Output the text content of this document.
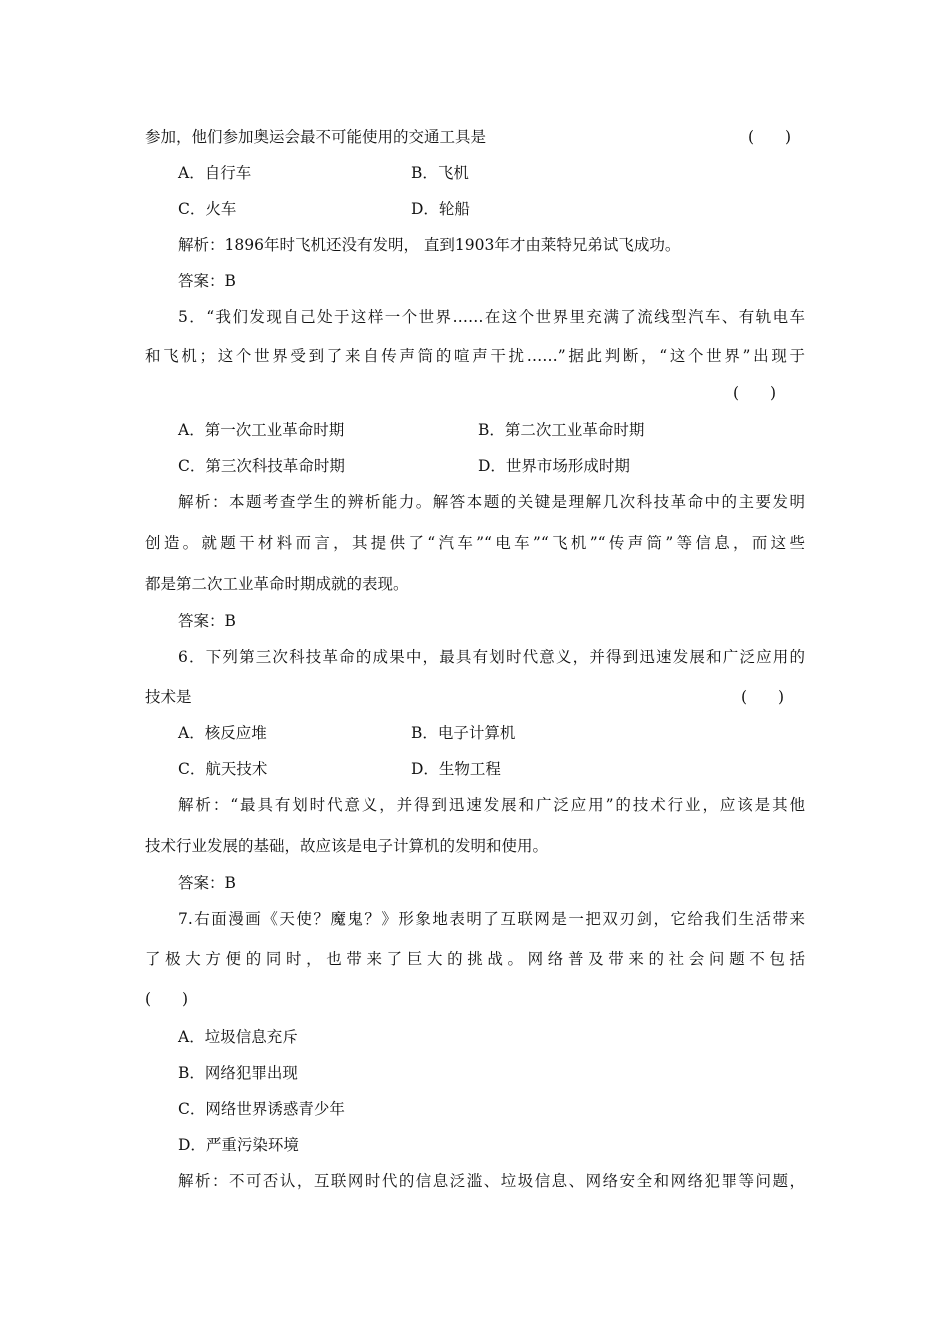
参加，他们参加奥运会最不可能使用的交通工具是	(　　)
A．自行车	B．飞机
C．火车	D．轮船
解析：1896年时飞机还没有发明， 直到1903年才由莱特兄弟试飞成功。
答案：B
5．“我们发现自己处于这样一个世界……在这个世界里充满了流线型汽车、有轨电车
和飞机；这个世界受到了来自传声筒的喧声干扰……”据此判断，“这个世界”出现于
(　　)
A．第一次工业革命时期	B．第二次工业革命时期
C．第三次科技革命时期	D．世界市场形成时期
解析：本题考查学生的辨析能力。解答本题的关键是理解几次科技革命中的主要发明
创造。就题干材料而言，其提供了“汽车”“电车”“飞机”“传声筒”等信息，而这些
都是第二次工业革命时期成就的表现。
答案：B
6．下列第三次科技革命的成果中，最具有划时代意义，并得到迅速发展和广泛应用的
技术是	(　　)
A．核反应堆	B．电子计算机
C．航天技术	D．生物工程
解析：“最具有划时代意义，并得到迅速发展和广泛应用”的技术行业，应该是其他
技术行业发展的基础，故应该是电子计算机的发明和使用。
答案：B
7.右面漫画《天使？魔鬼？》形象地表明了互联网是一把双刃剑，它给我们生活带来
了极大方便的同时，也带来了巨大的挑战。网络普及带来的社会问题不包括
(　　)
A．垃圾信息充斥
B．网络犯罪出现
C．网络世界诱惑青少年
D．严重污染环境
解析：不可否认，互联网时代的信息泛滥、垃圾信息、网络安全和网络犯罪等问题，
